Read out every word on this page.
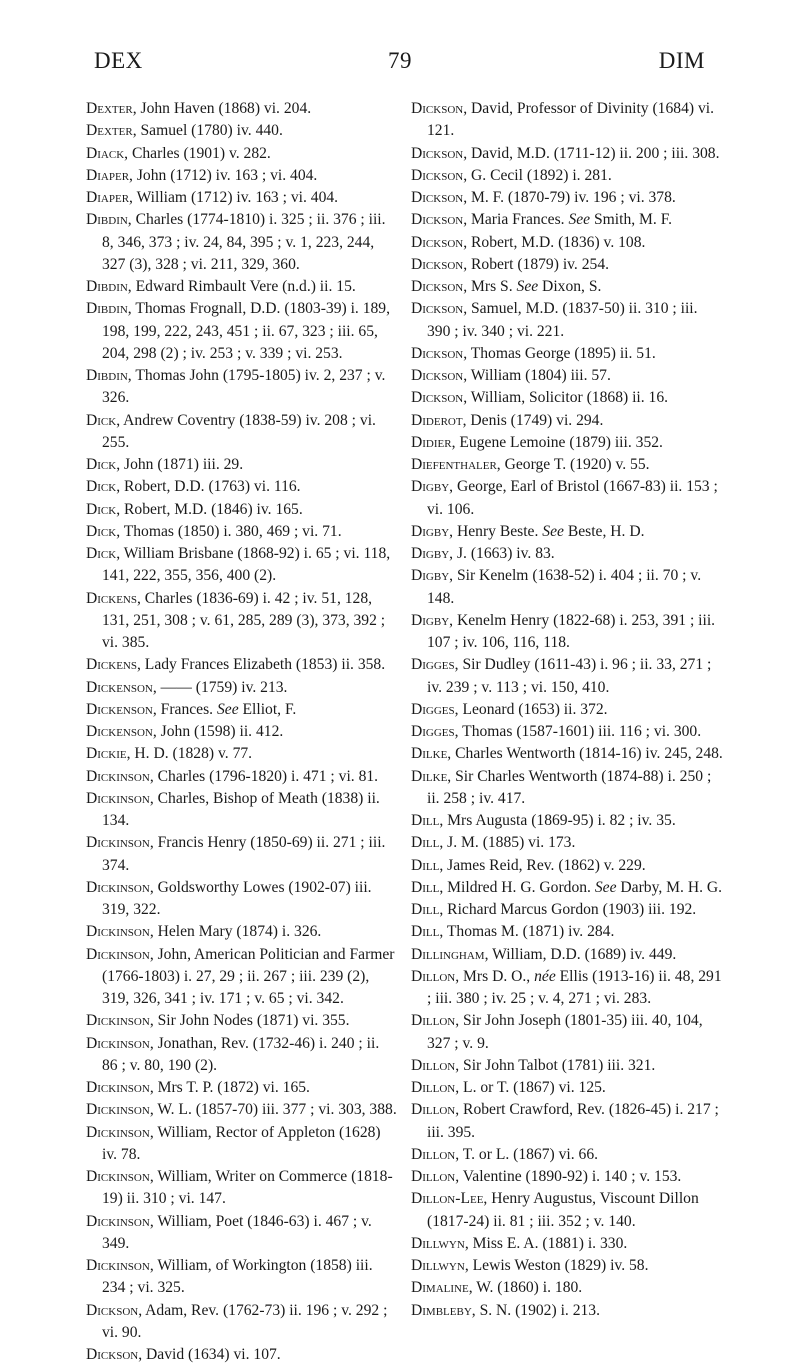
DEX	79	DIM
Dexter, John Haven (1868) vi. 204.
Dexter, Samuel (1780) iv. 440.
Diack, Charles (1901) v. 282.
Diaper, John (1712) iv. 163 ; vi. 404.
Diaper, William (1712) iv. 163 ; vi. 404.
Dibdin, Charles (1774-1810) i. 325 ; ii. 376 ; iii. 8, 346, 373 ; iv. 24, 84, 395 ; v. 1, 223, 244, 327 (3), 328 ; vi. 211, 329, 360.
Dibdin, Edward Rimbault Vere (n.d.) ii. 15.
Dibdin, Thomas Frognall, D.D. (1803-39) i. 189, 198, 199, 222, 243, 451 ; ii. 67, 323 ; iii. 65, 204, 298 (2) ; iv. 253 ; v. 339 ; vi. 253.
Dibdin, Thomas John (1795-1805) iv. 2, 237 ; v. 326.
Dick, Andrew Coventry (1838-59) iv. 208 ; vi. 255.
Dick, John (1871) iii. 29.
Dick, Robert, D.D. (1763) vi. 116.
Dick, Robert, M.D. (1846) iv. 165.
Dick, Thomas (1850) i. 380, 469 ; vi. 71.
Dick, William Brisbane (1868-92) i. 65 ; vi. 118, 141, 222, 355, 356, 400 (2).
Dickens, Charles (1836-69) i. 42 ; iv. 51, 128, 131, 251, 308 ; v. 61, 285, 289 (3), 373, 392 ; vi. 385.
Dickens, Lady Frances Elizabeth (1853) ii. 358.
Dickenson, —— (1759) iv. 213.
Dickenson, Frances. See Elliot, F.
Dickenson, John (1598) ii. 412.
Dickie, H. D. (1828) v. 77.
Dickinson, Charles (1796-1820) i. 471 ; vi. 81.
Dickinson, Charles, Bishop of Meath (1838) ii. 134.
Dickinson, Francis Henry (1850-69) ii. 271 ; iii. 374.
Dickinson, Goldsworthy Lowes (1902-07) iii. 319, 322.
Dickinson, Helen Mary (1874) i. 326.
Dickinson, John, American Politician and Farmer (1766-1803) i. 27, 29 ; ii. 267 ; iii. 239 (2), 319, 326, 341 ; iv. 171 ; v. 65 ; vi. 342.
Dickinson, Sir John Nodes (1871) vi. 355.
Dickinson, Jonathan, Rev. (1732-46) i. 240 ; ii. 86 ; v. 80, 190 (2).
Dickinson, Mrs T. P. (1872) vi. 165.
Dickinson, W. L. (1857-70) iii. 377 ; vi. 303, 388.
Dickinson, William, Rector of Appleton (1628) iv. 78.
Dickinson, William, Writer on Commerce (1818-19) ii. 310 ; vi. 147.
Dickinson, William, Poet (1846-63) i. 467 ; v. 349.
Dickinson, William, of Workington (1858) iii. 234 ; vi. 325.
Dickson, Adam, Rev. (1762-73) ii. 196 ; v. 292 ; vi. 90.
Dickson, David (1634) vi. 107.
Dickson, David, Professor of Divinity (1684) vi. 121.
Dickson, David, M.D. (1711-12) ii. 200 ; iii. 308.
Dickson, G. Cecil (1892) i. 281.
Dickson, M. F. (1870-79) iv. 196 ; vi. 378.
Dickson, Maria Frances. See Smith, M. F.
Dickson, Robert, M.D. (1836) v. 108.
Dickson, Robert (1879) iv. 254.
Dickson, Mrs S. See Dixon, S.
Dickson, Samuel, M.D. (1837-50) ii. 310 ; iii. 390 ; iv. 340 ; vi. 221.
Dickson, Thomas George (1895) ii. 51.
Dickson, William (1804) iii. 57.
Dickson, William, Solicitor (1868) ii. 16.
Diderot, Denis (1749) vi. 294.
Didier, Eugene Lemoine (1879) iii. 352.
Diefenthaler, George T. (1920) v. 55.
Digby, George, Earl of Bristol (1667-83) ii. 153 ; vi. 106.
Digby, Henry Beste. See Beste, H. D.
Digby, J. (1663) iv. 83.
Digby, Sir Kenelm (1638-52) i. 404 ; ii. 70 ; v. 148.
Digby, Kenelm Henry (1822-68) i. 253, 391 ; iii. 107 ; iv. 106, 116, 118.
Digges, Sir Dudley (1611-43) i. 96 ; ii. 33, 271 ; iv. 239 ; v. 113 ; vi. 150, 410.
Digges, Leonard (1653) ii. 372.
Digges, Thomas (1587-1601) iii. 116 ; vi. 300.
Dilke, Charles Wentworth (1814-16) iv. 245, 248.
Dilke, Sir Charles Wentworth (1874-88) i. 250 ; ii. 258 ; iv. 417.
Dill, Mrs Augusta (1869-95) i. 82 ; iv. 35.
Dill, J. M. (1885) vi. 173.
Dill, James Reid, Rev. (1862) v. 229.
Dill, Mildred H. G. Gordon. See Darby, M. H. G.
Dill, Richard Marcus Gordon (1903) iii. 192.
Dill, Thomas M. (1871) iv. 284.
Dillingham, William, D.D. (1689) iv. 449.
Dillon, Mrs D. O., née Ellis (1913-16) ii. 48, 291 ; iii. 380 ; iv. 25 ; v. 4, 271 ; vi. 283.
Dillon, Sir John Joseph (1801-35) iii. 40, 104, 327 ; v. 9.
Dillon, Sir John Talbot (1781) iii. 321.
Dillon, L. or T. (1867) vi. 125.
Dillon, Robert Crawford, Rev. (1826-45) i. 217 ; iii. 395.
Dillon, T. or L. (1867) vi. 66.
Dillon, Valentine (1890-92) i. 140 ; v. 153.
Dillon-Lee, Henry Augustus, Viscount Dillon (1817-24) ii. 81 ; iii. 352 ; v. 140.
Dillwyn, Miss E. A. (1881) i. 330.
Dillwyn, Lewis Weston (1829) iv. 58.
Dimaline, W. (1860) i. 180.
Dimbleby, S. N. (1902) i. 213.
